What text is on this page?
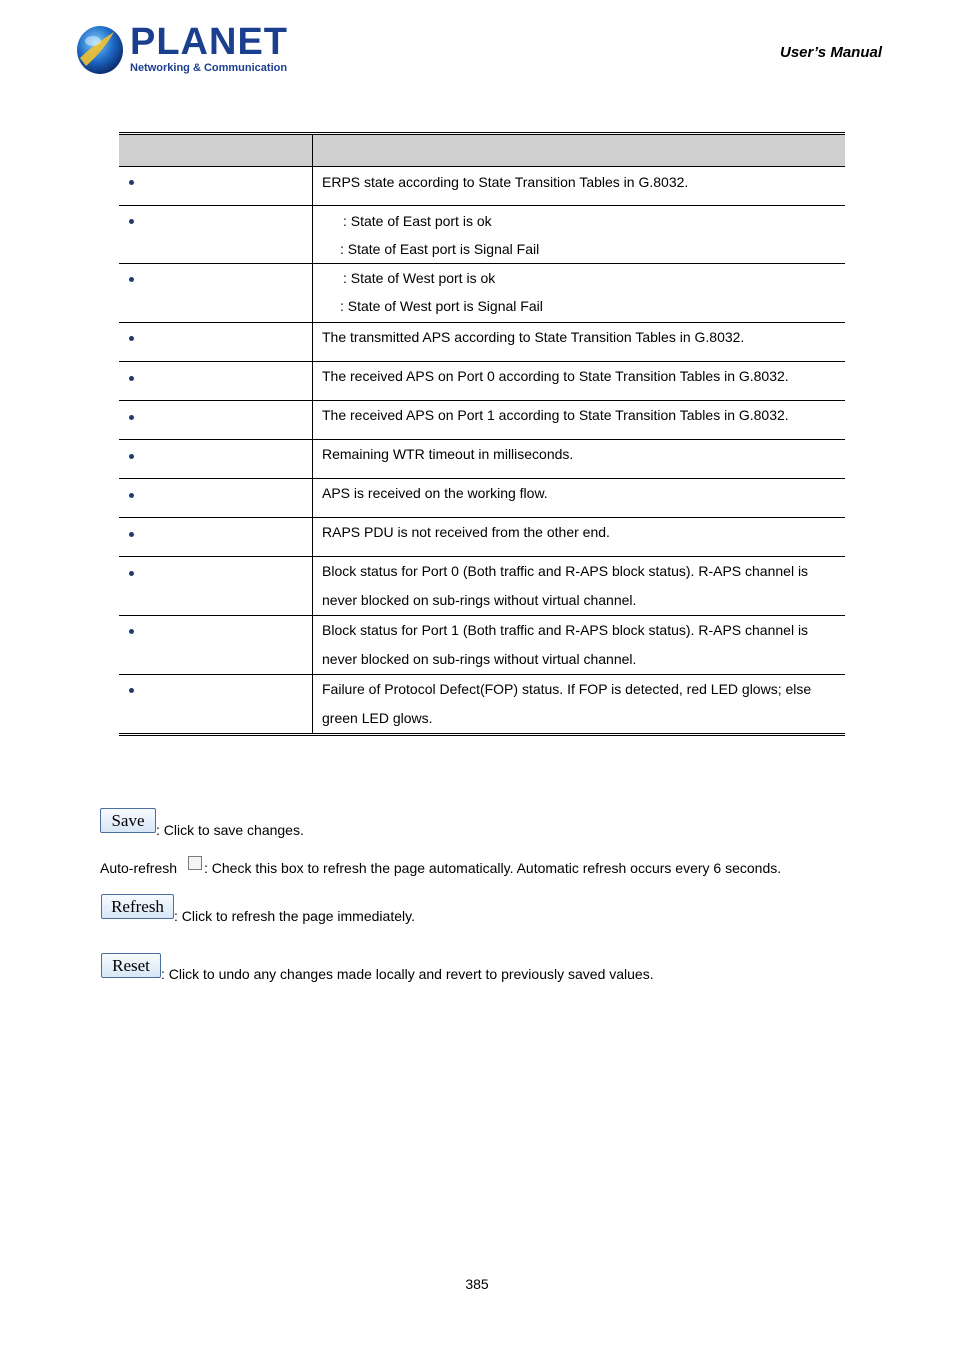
PLANET
Networking & Communication
User’s Manual
ERPS state according to State Transition Tables in G.8032.
: State of East port is ok
: State of East port is Signal Fail
: State of West port is ok
: State of West port is Signal Fail
The transmitted APS according to State Transition Tables in G.8032.
The received APS on Port 0 according to State Transition Tables in G.8032.
The received APS on Port 1 according to State Transition Tables in G.8032.
Remaining WTR timeout in milliseconds.
APS is received on the working flow.
RAPS PDU is not received from the other end.
Block status for Port 0 (Both traffic and R-APS block status). R-APS channel is
never blocked on sub-rings without virtual channel.
Block status for Port 1 (Both traffic and R-APS block status). R-APS channel is
never blocked on sub-rings without virtual channel.
Failure of Protocol Defect(FOP) status. If FOP is detected, red LED glows; else
green LED glows.
Save : Click to save changes.
Auto-refresh : Check this box to refresh the page automatically. Automatic refresh occurs every 6 seconds.
Refresh : Click to refresh the page immediately.
Reset : Click to undo any changes made locally and revert to previously saved values.
385
